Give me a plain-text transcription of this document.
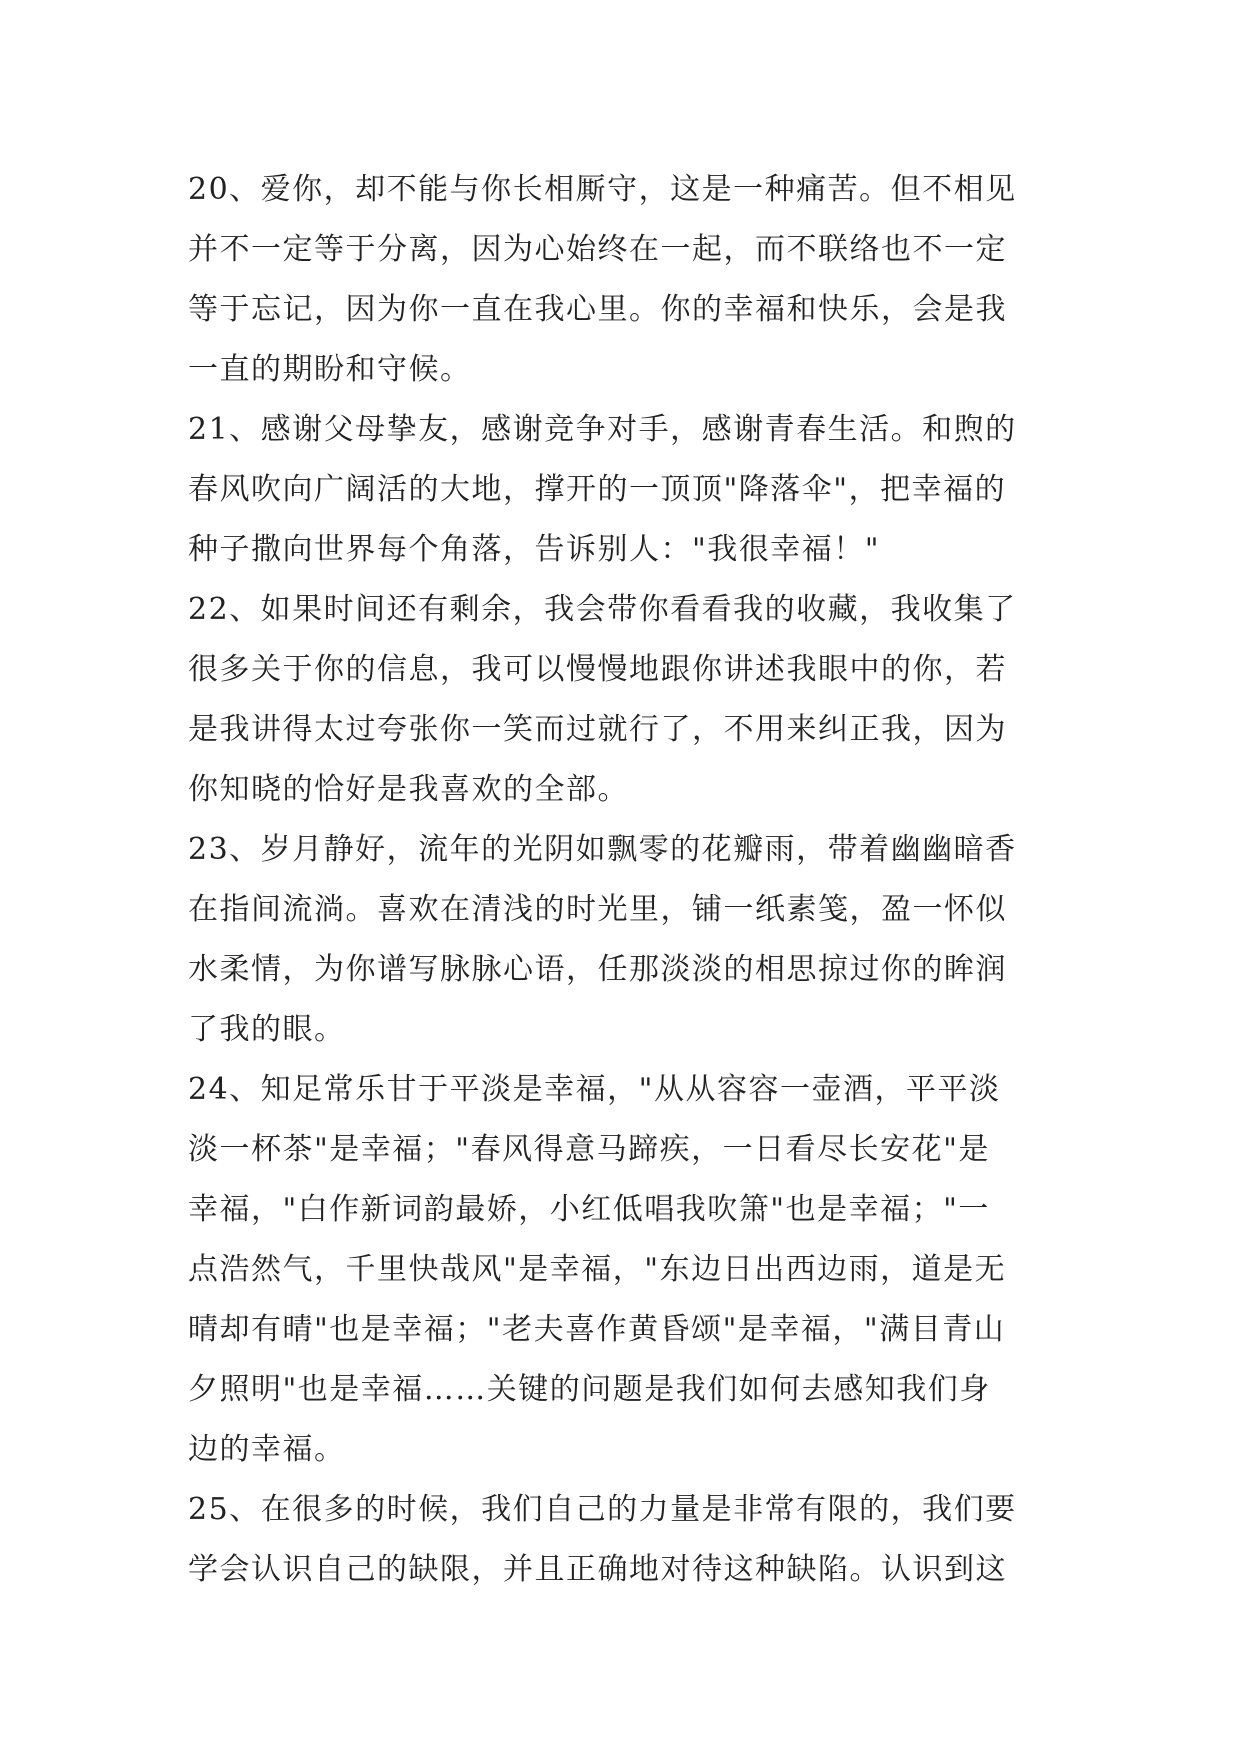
20、爱你，却不能与你长相厮守，这是一种痛苦。但不相见
并不一定等于分离，因为心始终在一起，而不联络也不一定
等于忘记，因为你一直在我心里。你的幸福和快乐，会是我
一直的期盼和守候。
21、感谢父母挚友，感谢竞争对手，感谢青春生活。和煦的
春风吹向广阔活的大地，撑开的一顶顶"降落伞"，把幸福的
种子撒向世界每个角落，告诉别人："我很幸福！"
22、如果时间还有剩余，我会带你看看我的收藏，我收集了
很多关于你的信息，我可以慢慢地跟你讲述我眼中的你，若
是我讲得太过夸张你一笑而过就行了，不用来纠正我，因为
你知晓的恰好是我喜欢的全部。
23、岁月静好，流年的光阴如飘零的花瓣雨，带着幽幽暗香
在指间流淌。喜欢在清浅的时光里，铺一纸素笺，盈一怀似
水柔情，为你谱写脉脉心语，任那淡淡的相思掠过你的眸润
了我的眼。
24、知足常乐甘于平淡是幸福，"从从容容一壶酒，平平淡
淡一杯茶"是幸福；"春风得意马蹄疾，一日看尽长安花"是
幸福，"白作新词韵最娇，小红低唱我吹箫"也是幸福；"一
点浩然气，千里快哉风"是幸福，"东边日出西边雨，道是无
晴却有晴"也是幸福；"老夫喜作黄昏颂"是幸福，"满目青山
夕照明"也是幸福……关键的问题是我们如何去感知我们身
边的幸福。
25、在很多的时候，我们自己的力量是非常有限的，我们要
学会认识自己的缺限，并且正确地对待这种缺陷。认识到这
